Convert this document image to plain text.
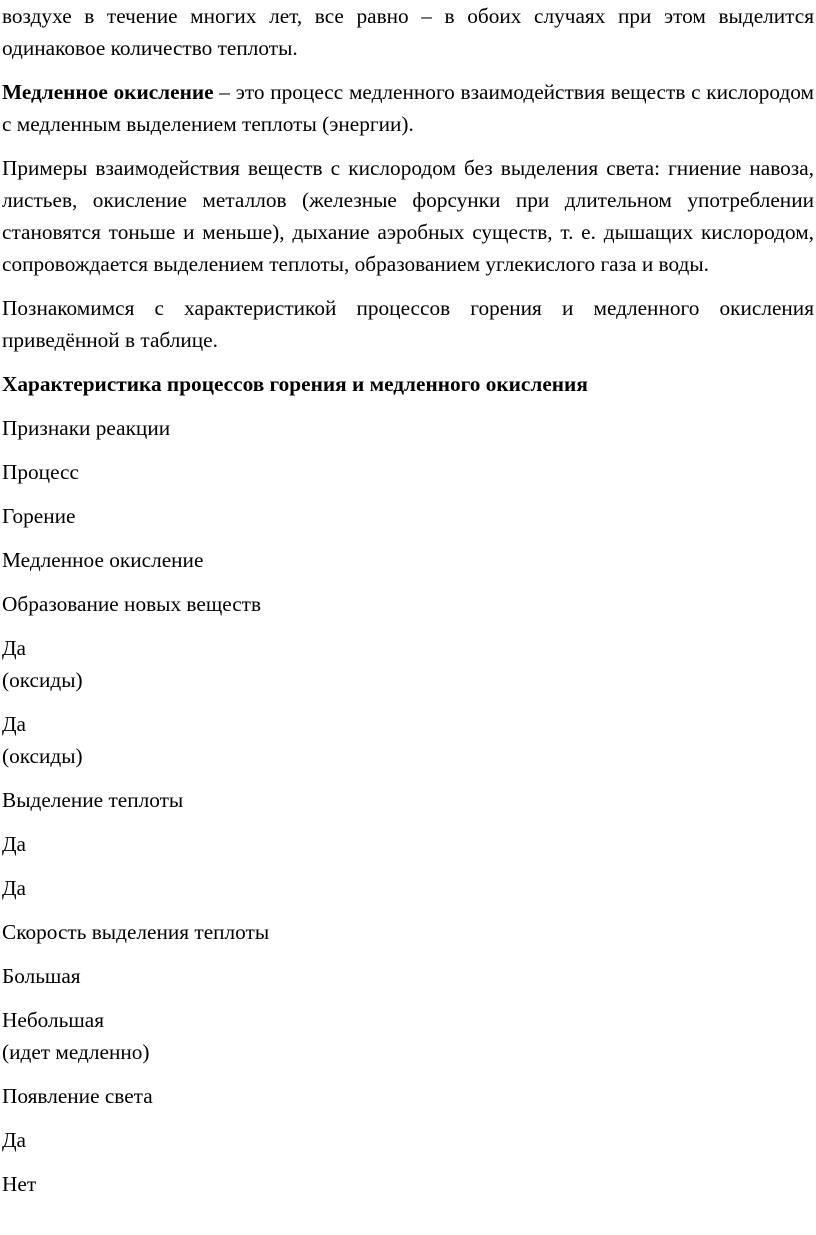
воздухе в течение многих лет, все равно – в обоих случаях при этом выделится одинаковое количество теплоты.

Медленное окисление – это процесс медленного взаимодействия веществ с кислородом с медленным выделением теплоты (энергии).

Примеры взаимодействия веществ с кислородом без выделения света: гниение навоза, листьев, окисление металлов (железные форсунки при длительном употреблении становятся тоньше и меньше), дыхание аэробных существ, т. е. дышащих кислородом, сопровождается выделением теплоты, образованием углекислого газа и воды.

Познакомимся с характеристикой процессов горения и медленного окисления приведённой в таблице.

Характеристика процессов горения и медленного окисления

Признаки реакции
Процесс
Горение
Медленное окисление
Образование новых веществ
Да
(оксиды)
Да
(оксиды)
Выделение теплоты
Да
Да
Скорость выделения теплоты
Большая
Небольшая
(идет медленно)
Появление света
Да
Нет
